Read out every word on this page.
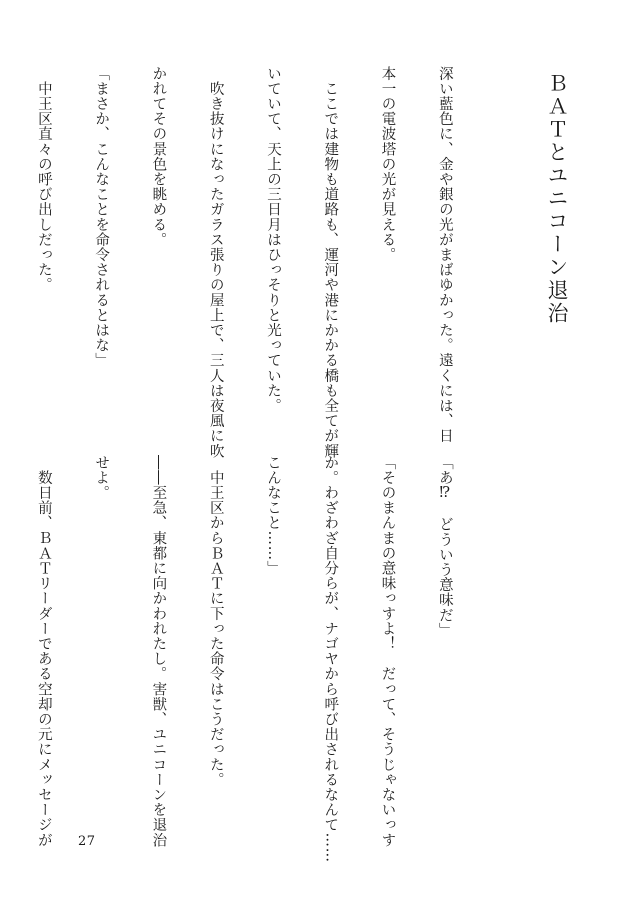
ＢＡＴとユニコーン退治

深い藍色に、金や銀の光がまばゆかった。遠くには、日

本一の電波塔の光が見える。

　ここでは建物も道路も、運河や港にかかる橋も全てが輝

いていて、天上の三日月はひっそりと光っていた。

　吹き抜けになったガラス張りの屋上で、三人は夜風に吹

かれてその景色を眺める。

「まさか、こんなことを命令されるとはな」

　中王区直々の呼び出しだった。

「あ⁉　どういう意味だ」

「そのまんまの意味っすよ！　だって、そうじゃないっす

か。わざわざ自分らが、ナゴヤから呼び出されるなんて……

こんなこと……」

　中王区からＢＡＴに下った命令はこうだった。

――至急、東都に向かわれたし。害獣、ユニコーンを退治

せよ。

　数日前、ＢＡＴリーダーである空却の元にメッセージが

27
